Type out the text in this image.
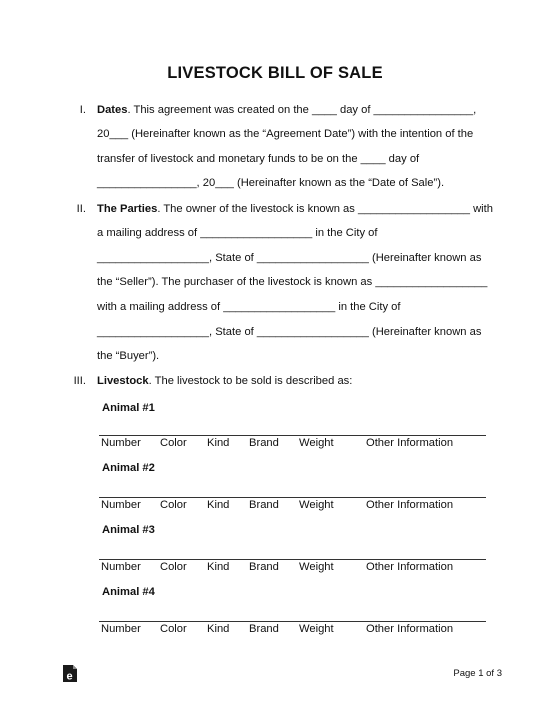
LIVESTOCK BILL OF SALE
I. Dates. This agreement was created on the ____ day of ________________,
20___ (Hereinafter known as the “Agreement Date”) with the intention of the
transfer of livestock and monetary funds to be on the ____ day of
________________, 20___ (Hereinafter known as the “Date of Sale”).
II. The Parties. The owner of the livestock is known as __________________ with
a mailing address of __________________ in the City of
__________________, State of __________________ (Hereinafter known as
the “Seller”). The purchaser of the livestock is known as __________________
with a mailing address of __________________ in the City of
__________________, State of __________________ (Hereinafter known as
the “Buyer”).
III. Livestock. The livestock to be sold is described as:
Animal #1
Number Color Kind Brand Weight	Other Information
Animal #2
Number Color Kind Brand Weight	Other Information
Animal #3
Number Color Kind Brand Weight	Other Information
Animal #4
Number Color Kind Brand Weight	Other Information
e	Page 1 of 3
